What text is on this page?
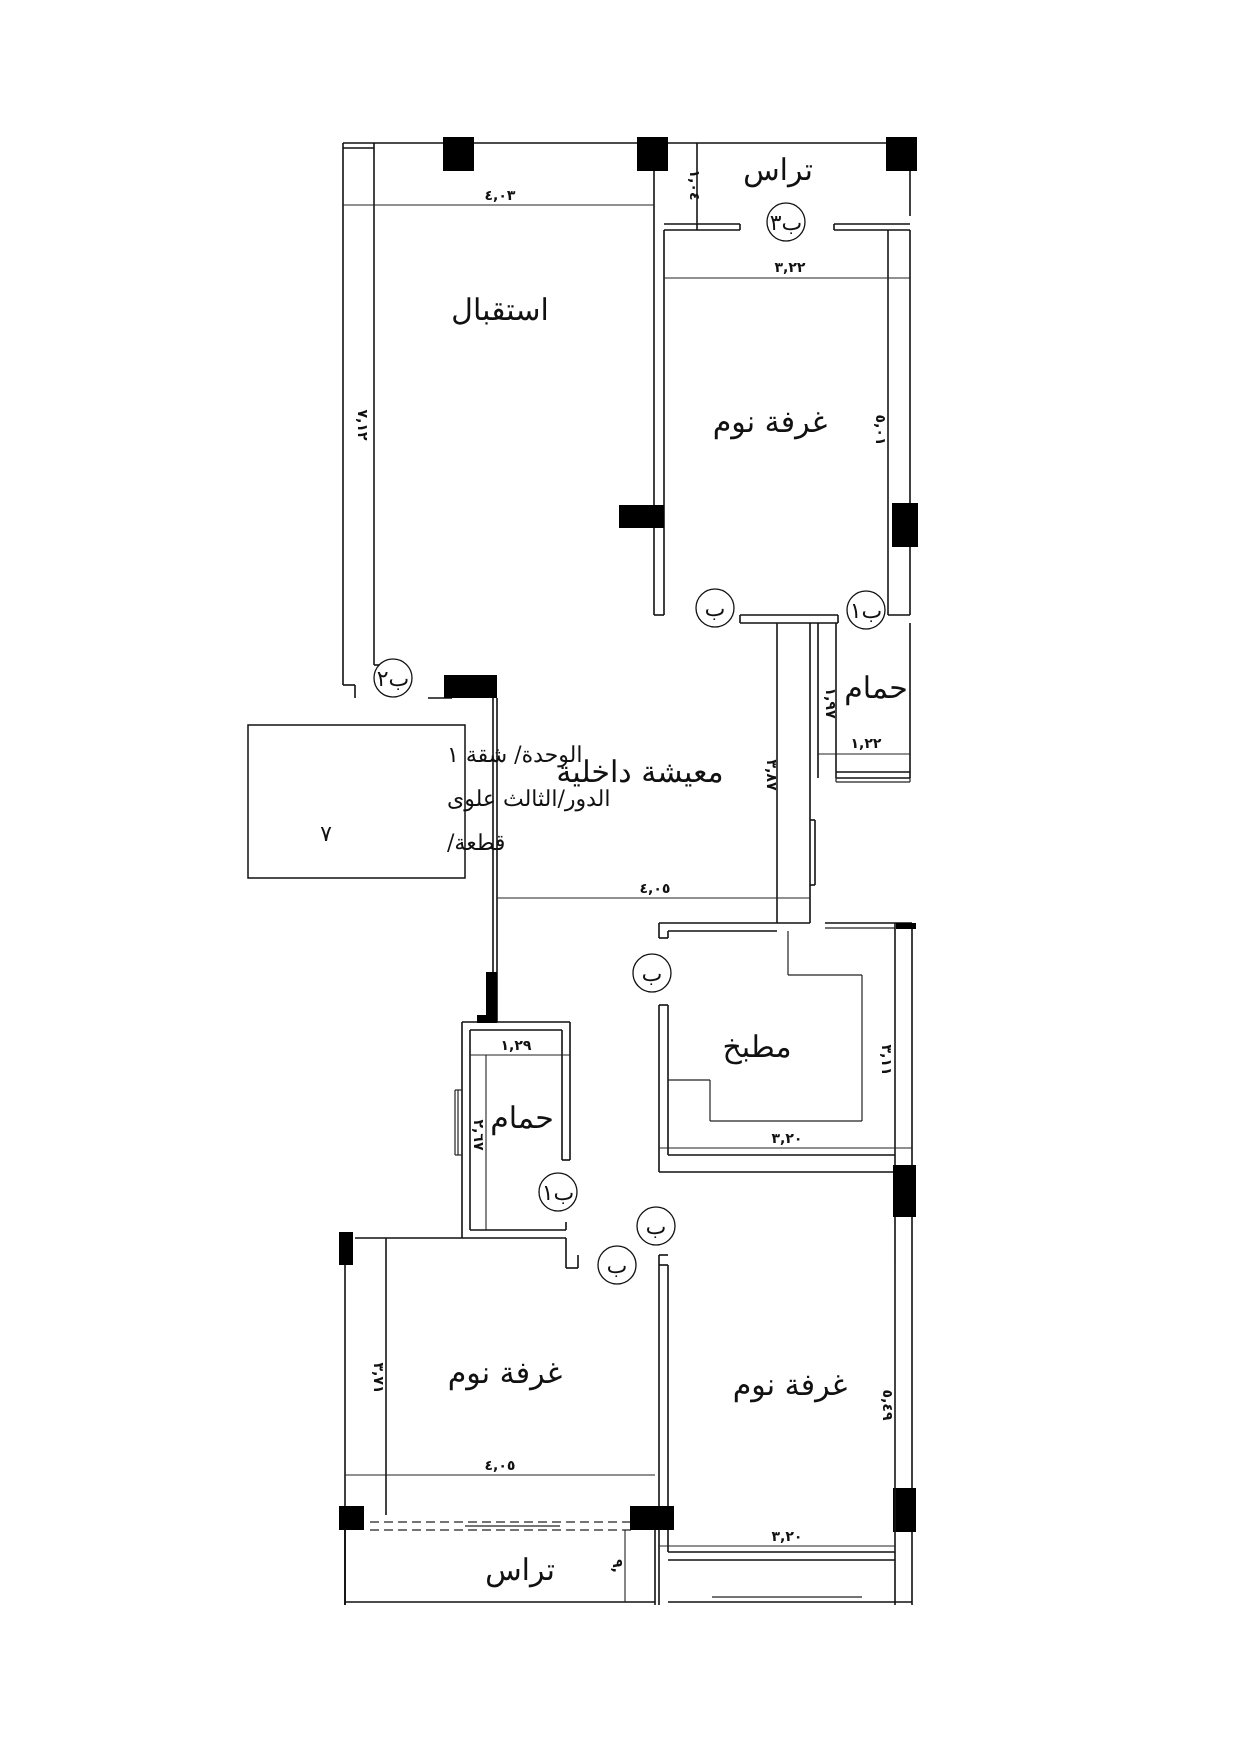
تراس
استقبال
غرفة نوم
حمام
معيشة داخلية
مطبخ
حمام
غرفة نوم	غرفة نوم
تراس
٤,٠٣
٧,١٢
١,٠٤
٣,٢٢
٥,٠١
١,٩٧
١,٢٢
٣,٨٧
٤,٠٥
٣,١١
٣,٢٠
١,٢٩
٢,٦٧
٣,٧١
٤,٠٥
٥,٤٩
٣,٢٠
٩,
ب٣
ب	ب١
ب٢
ب
ب١
ب
ب
الوحدة/ شقة ١
الدور/الثالث علوى
قطعة/
٧
